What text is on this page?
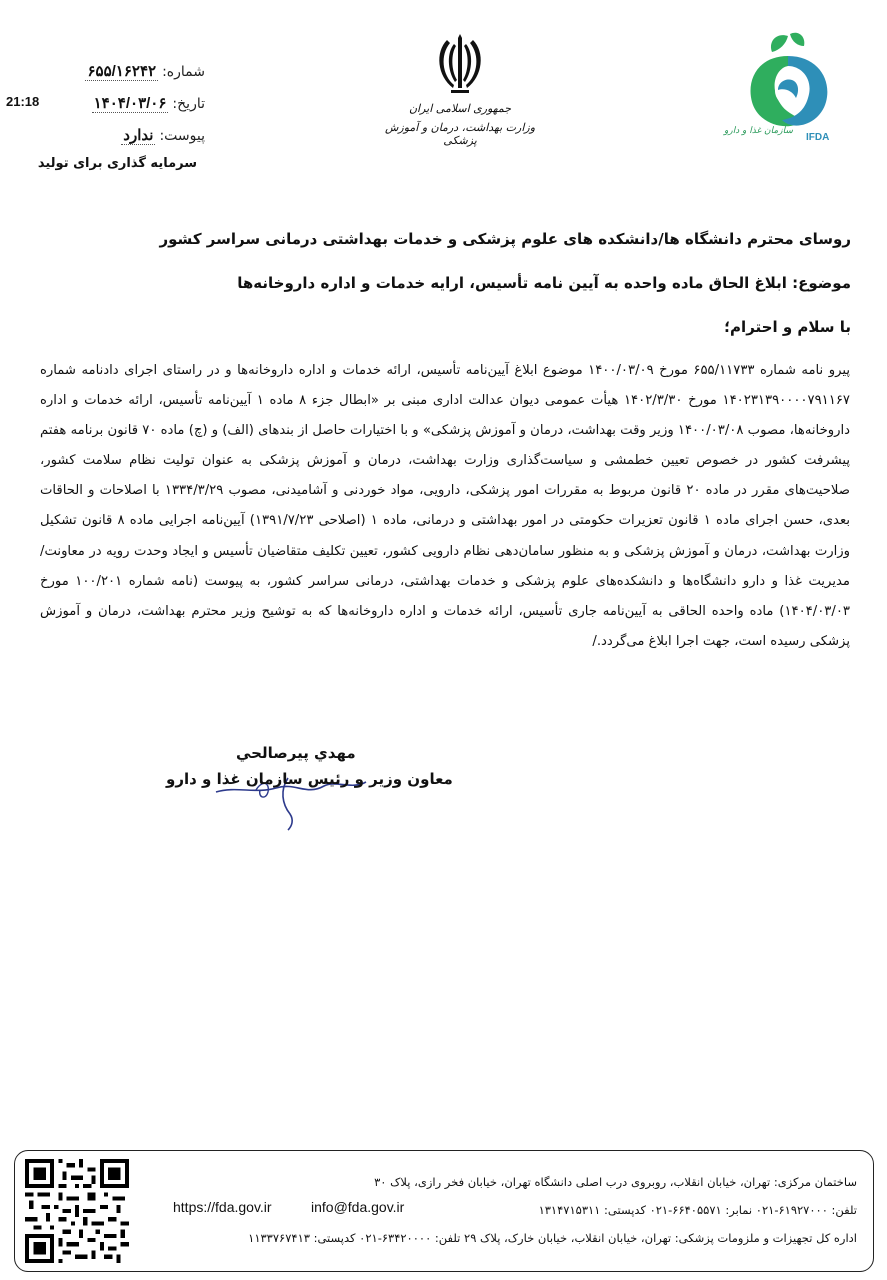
شماره:
۶۵۵/۱۶۲۴۲
تاریخ:
۱۴۰۴/۰۳/۰۶
21:18
پیوست:
ندارد
سرمایه گذاری برای تولید
جمهوری اسلامی ایران
وزارت بهداشت، درمان و آموزش پزشکی
سازمان غذا و دارو
IFDA
روسای محترم دانشگاه ها/دانشکده های علوم پزشکی و خدمات بهداشتی درمانی سراسر کشور
موضوع: ابلاغ الحاق ماده واحده به آیین نامه تأسیس، ارایه خدمات و اداره داروخانه‌ها
با سلام و احترام؛
پیرو نامه شماره ۶۵۵/۱۱۷۳۳ مورخ ۱۴۰۰/۰۳/۰۹ موضوع ابلاغ آیین‌نامه تأسیس، ارائه خدمات و اداره داروخانه‌ها و در راستای اجرای دادنامه شماره ۱۴۰۲۳۱۳۹۰۰۰۰۷۹۱۱۶۷ مورخ ۱۴۰۲/۳/۳۰ هیأت عمومی دیوان عدالت اداری مبنی بر «ابطال جزء ۸ ماده ۱ آیین‌نامه تأسیس، ارائه خدمات و اداره داروخانه‌ها، مصوب ۱۴۰۰/۰۳/۰۸ وزیر وقت بهداشت، درمان و آموزش پزشکی» و با اختیارات حاصل از بندهای (الف) و (چ) ماده ۷۰ قانون برنامه هفتم پیشرفت کشور در خصوص تعیین خطمشی و سیاست‌گذاری وزارت بهداشت، درمان و آموزش پزشکی به عنوان تولیت نظام سلامت کشور، صلاحیت‌های مقرر در ماده ۲۰ قانون مربوط به مقررات امور پزشکی، دارویی، مواد خوردنی و آشامیدنی، مصوب ۱۳۳۴/۳/۲۹ با اصلاحات و الحاقات بعدی، حسن اجرای ماده ۱ قانون تعزیرات حکومتی در امور بهداشتی و درمانی، ماده ۱ (اصلاحی ۱۳۹۱/۷/۲۳) آیین‌نامه اجرایی ماده ۸ قانون تشکیل وزارت بهداشت، درمان و آموزش پزشکی و به منظور سامان‌دهی نظام دارویی کشور، تعیین تکلیف متقاضیان تأسیس و ایجاد وحدت رویه در معاونت/مدیریت غذا و دارو دانشگاه‌ها و دانشکده‌های علوم پزشکی و خدمات بهداشتی، درمانی سراسر کشور، به پیوست (نامه شماره ۱۰۰/۲۰۱ مورخ ۱۴۰۴/۰۳/۰۳) ماده واحده الحاقی به آیین‌نامه جاری تأسیس، ارائه خدمات و اداره داروخانه‌ها که به توشیح وزیر محترم بهداشت، درمان و آموزش پزشکی رسیده است، جهت اجرا ابلاغ می‌گردد./
مهدي پيرصالحي
معاون وزیر و رئیس سازمان غذا و دارو
ساختمان مرکزی: تهران، خیابان انقلاب، روبروی درب اصلی دانشگاه تهران، خیابان فخر رازی، پلاک ۳۰
تلفن: ۶۱۹۲۷۰۰۰-۰۲۱ نمابر: ۶۶۴۰۵۵۷۱-۰۲۱ کدپستی: ۱۳۱۴۷۱۵۳۱۱
info@fda.gov.ir
https://fda.gov.ir
اداره کل تجهیزات و ملزومات پزشکی: تهران، خیابان انقلاب، خیابان خارک، پلاک ۲۹ تلفن: ۶۳۴۲۰۰۰۰-۰۲۱ کدپستی: ۱۱۳۳۷۶۷۴۱۳
